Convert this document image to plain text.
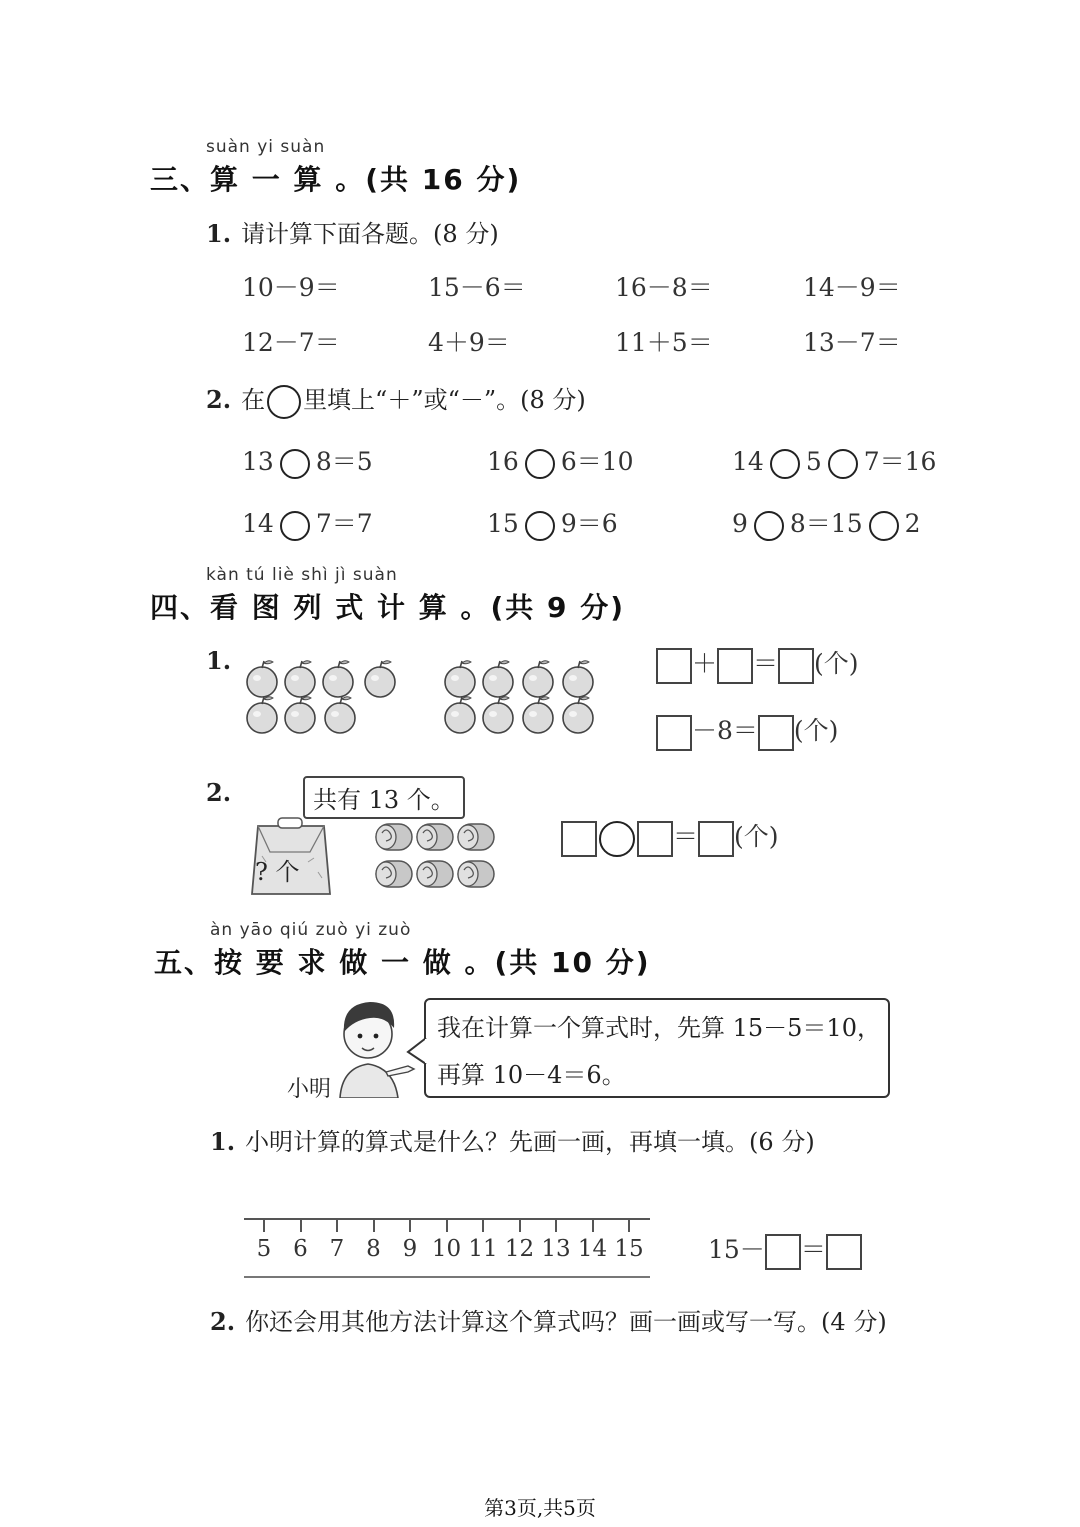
suàn yi suàn
三、算 一 算 。(共 16 分)
1. 请计算下面各题。(8 分)
10－9＝	15－6＝	16－8＝	14－9＝
12－7＝	4＋9＝	11＋5＝	13－7＝
2. 在 里填上“＋”或“－”。(8 分)
13 8＝5	16 6＝10	14 5 7＝16
14 7＝7	15 9＝6	9 8＝15 2
kàn tú liè shì jì suàn
四、看 图 列 式 计 算 。(共 9 分)
1.	＋ ＝ (个)
－8＝ (个)
2.	共有 13 个。
? 个
＝ (个)
àn yāo qiú zuò yi zuò
五、按 要 求 做 一 做 。(共 10 分)
小明
我在计算一个算式时，先算 15－5＝10，
再算 10－4＝6。
1. 小明计算的算式是什么？先画一画，再填一填。(6 分)
5 6 7 8 9 10 11 12 13 14 15	15－ ＝
2. 你还会用其他方法计算这个算式吗？画一画或写一写。(4 分)
第3页,共5页
